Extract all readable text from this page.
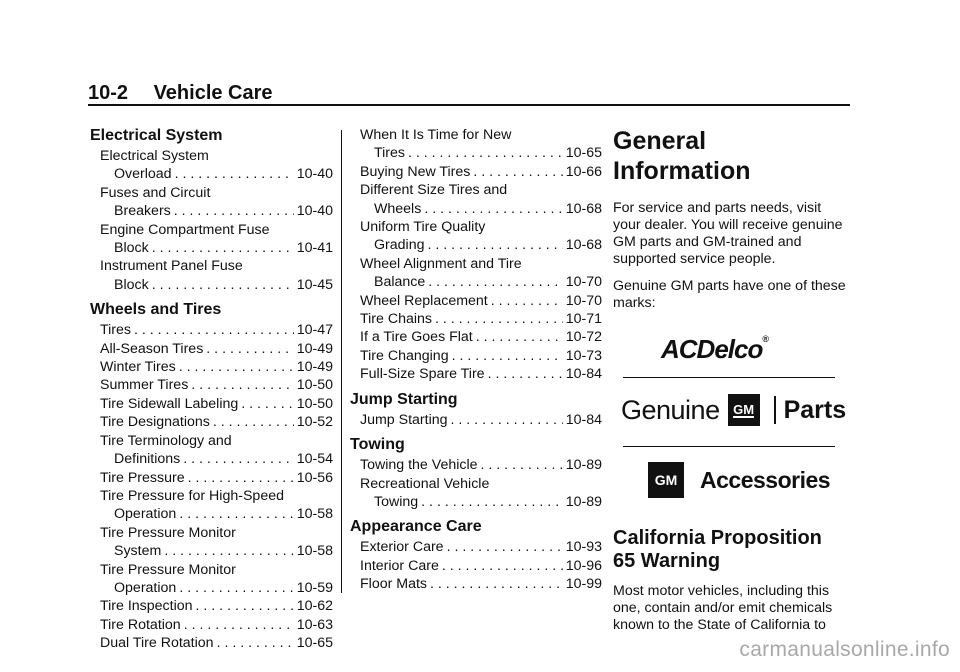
10-2 Vehicle Care
Electrical System
Electrical System
Overload . . .	10-40
Fuses and Circuit
Breakers . . .	10-40
Engine Compartment Fuse
Block . . .	10-41
Instrument Panel Fuse
Block . . .	10-45
Wheels and Tires
Tires . . .	10-47
All-Season Tires . . .	10-49
Winter Tires . . .	10-49
Summer Tires . . .	10-50
Tire Sidewall Labeling . . .	10-50
Tire Designations . . .	10-52
Tire Terminology and
Definitions . . .	10-54
Tire Pressure . . .	10-56
Tire Pressure for High-Speed
Operation . . .	10-58
Tire Pressure Monitor
System . . .	10-58
Tire Pressure Monitor
Operation . . .	10-59
Tire Inspection . . .	10-62
Tire Rotation . . .	10-63
Dual Tire Rotation . . .	10-65
When It Is Time for New
Tires . . .	10-65
Buying New Tires . . .	10-66
Different Size Tires and
Wheels . . .	10-68
Uniform Tire Quality
Grading . . .	10-68
Wheel Alignment and Tire
Balance . . .	10-70
Wheel Replacement . . .	10-70
Tire Chains . . .	10-71
If a Tire Goes Flat . . .	10-72
Tire Changing . . .	10-73
Full-Size Spare Tire . . .	10-84
Jump Starting
Jump Starting . . .	10-84
Towing
Towing the Vehicle . . .	10-89
Recreational Vehicle
Towing . . .	10-89
Appearance Care
Exterior Care . . .	10-93
Interior Care . . .	10-96
Floor Mats . . .	10-99
General Information

For service and parts needs, visit your dealer. You will receive genuine GM parts and GM-trained and supported service people.

Genuine GM parts have one of these marks:

ACDelco®
Genuine GM Parts
GM Accessories
California Proposition 65 Warning

Most motor vehicles, including this one, contain and/or emit chemicals known to the State of California to

carmanualsonline.info
